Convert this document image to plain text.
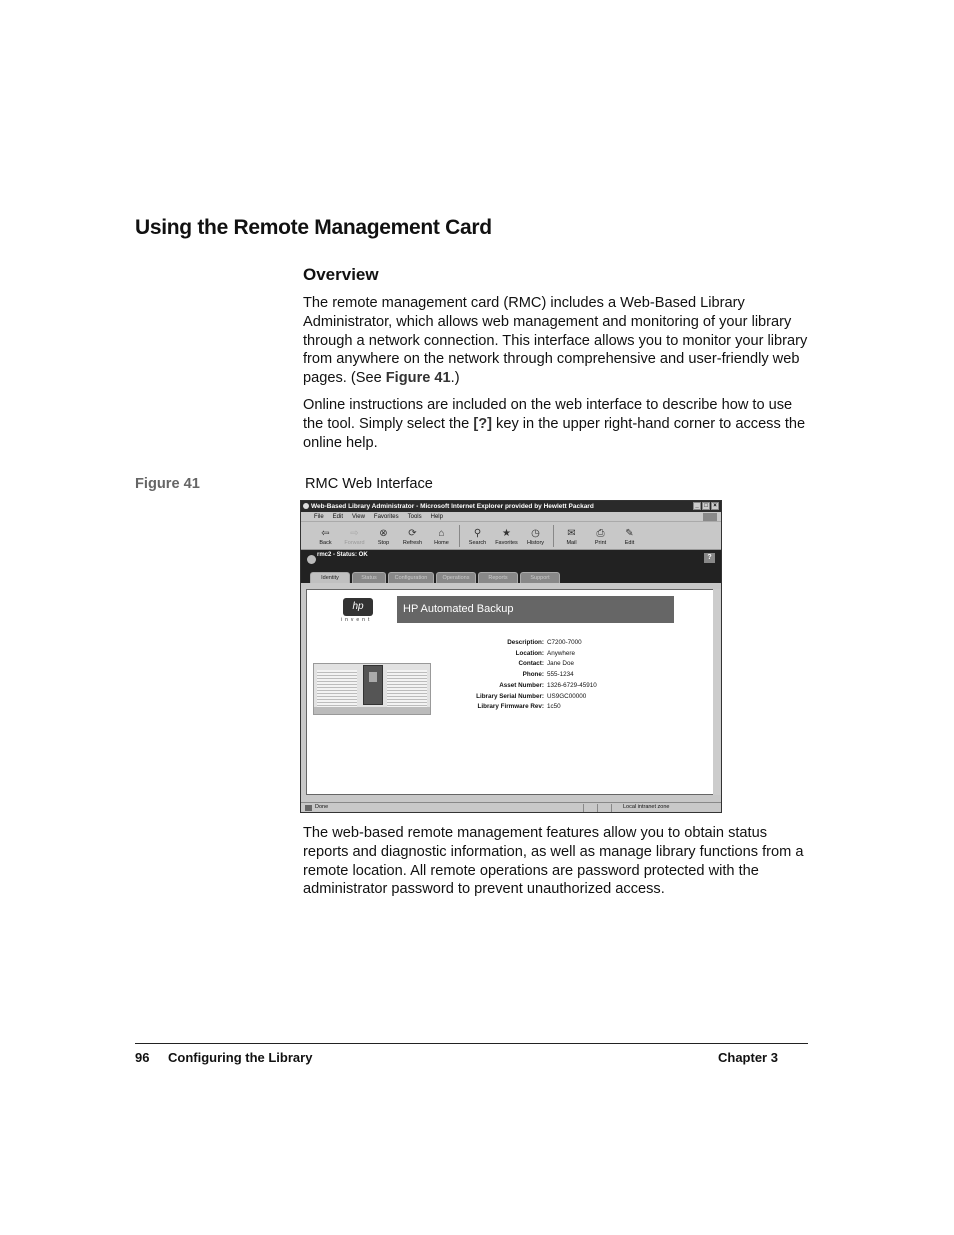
Using the Remote Management Card
Overview
The remote management card (RMC) includes a Web-Based Library Administrator, which allows web management and monitoring of your library through a network connection. This interface allows you to monitor your library from anywhere on the network through comprehensive and user-friendly web pages. (See Figure 41.)
Online instructions are included on the web interface to describe how to use the tool. Simply select the [?] key in the upper right-hand corner to access the online help.
Figure 41	RMC Web Interface
Web-Based Library Administrator - Microsoft Internet Explorer provided by Hewlett Packard	_ □ ×
File Edit View Favorites Tools Help
⇦
Back
⇨
Forward
⊗
Stop
⟳
Refresh
⌂
Home
⚲
Search
★
Favorites
◷
History
✉
Mail
⎙
Print
✎
Edit
rmc2 - Status: OK	?
Identity	Status	Configuration	Operations	Reports	Support
hp
invent
HP Automated Backup
Description: C7200-7000
Location: Anywhere
Contact: Jane Doe
Phone: 555-1234
Asset Number: 1326-6729-45910
Library Serial Number: US9GC00000
Library Firmware Rev: 1c50
Done	Local intranet zone
The web-based remote management features allow you to obtain status reports and diagnostic information, as well as manage library functions from a remote location. All remote operations are password protected with the administrator password to prevent unauthorized access.
96 Configuring the Library	Chapter 3
